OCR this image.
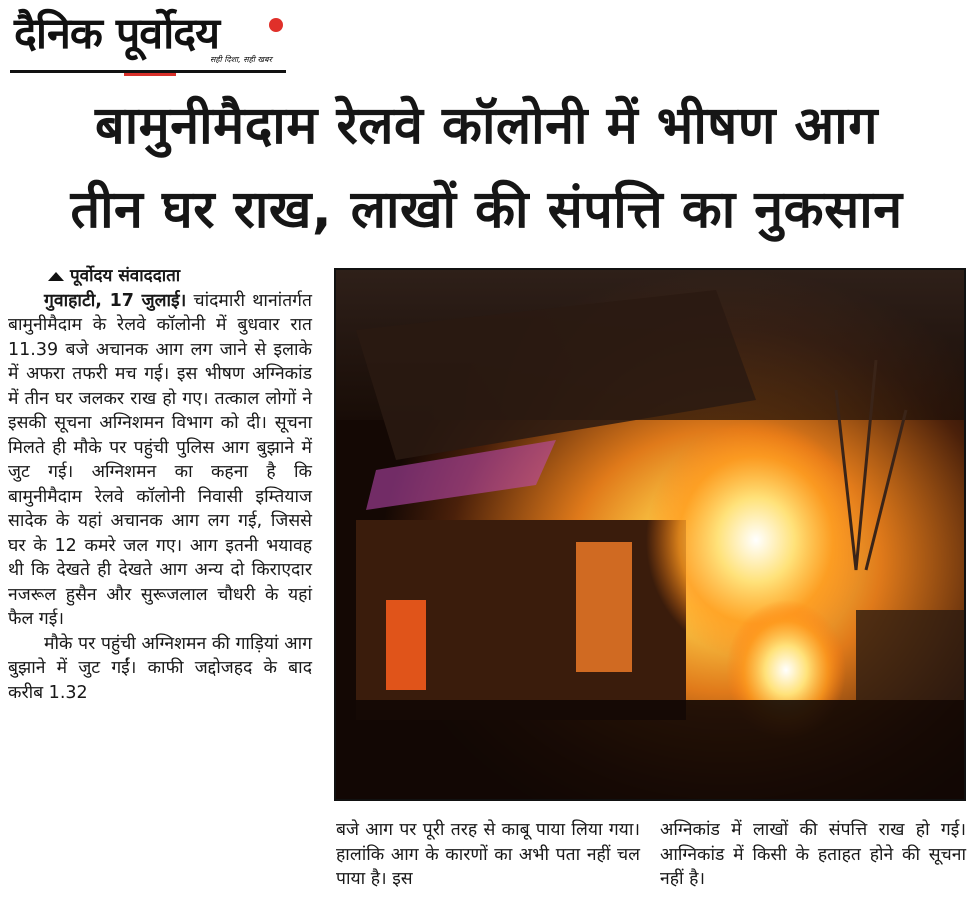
दैनिक पूर्वोदय
सही दिशा, सही खबर
बामुनीमैदाम रेलवे कॉलोनी में भीषण आग
तीन घर राख, लाखों की संपत्ति का नुकसान
पूर्वोदय संवाददाता
गुवाहाटी, 17 जुलाई। चांदमारी थानांतर्गत बामुनीमैदाम के रेलवे कॉलोनी में बुधवार रात 11.39 बजे अचानक आग लग जाने से इलाके में अफरा तफरी मच गई। इस भीषण अग्निकांड में तीन घर जलकर राख हो गए। तत्काल लोगों ने इसकी सूचना अग्निशमन विभाग को दी। सूचना मिलते ही मौके पर पहुंची पुलिस आग बुझाने में जुट गई। अग्निशमन का कहना है कि बामुनीमैदाम रेलवे कॉलोनी निवासी इम्तियाज सादेक के यहां अचानक आग लग गई, जिससे घर के 12 कमरे जल गए। आग इतनी भयावह थी कि देखते ही देखते आग अन्य दो किराएदार नजरूल हुसैन और सुरूजलाल चौधरी के यहां फैल गई।
मौके पर पहुंची अग्निशमन की गाड़ियां आग बुझाने में जुट गईं। काफी जद्दोजहद के बाद करीब 1.32
बजे आग पर पूरी तरह से काबू पाया लिया गया। हालांकि आग के कारणों का अभी पता नहीं चल पाया है। इस
अग्निकांड में लाखों की संपत्ति राख हो गई। आग्निकांड में किसी के हताहत होने की सूचना नहीं है।
